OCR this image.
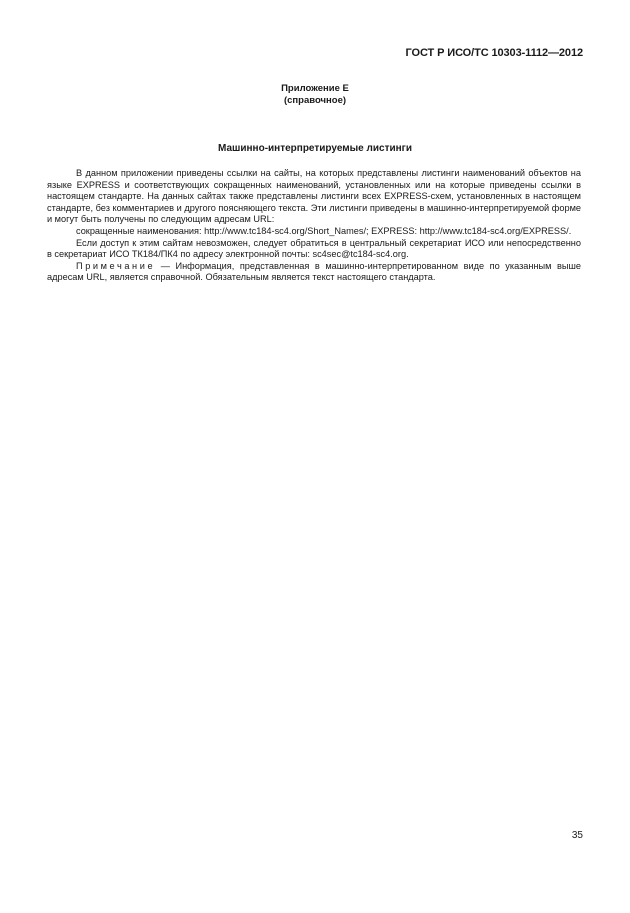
ГОСТ Р ИСО/ТС 10303-1112—2012
Приложение Е
(справочное)
Машинно-интерпретируемые листинги

В данном приложении приведены ссылки на сайты, на которых представлены листинги наименований объектов на языке EXPRESS и соответствующих сокращенных наименований, установленных или на которые приведены ссылки в настоящем стандарте. На данных сайтах также представлены листинги всех EXPRESS-схем, установленных в настоящем стандарте, без комментариев и другого поясняющего текста. Эти листинги приведены в машинно-интерпретируемой форме и могут быть получены по следующим адресам URL:

сокращенные наименования: http://www.tc184-sc4.org/Short_Names/; EXPRESS: http://www.tc184-sc4.org/EXPRESS/.

Если доступ к этим сайтам невозможен, следует обратиться в центральный секретариат ИСО или непосредственно в секретариат ИСО ТК184/ПК4 по адресу электронной почты: sc4sec@tc184-sc4.org.

Примечание — Информация, представленная в машинно-интерпретированном виде по указанным выше адресам URL, является справочной. Обязательным является текст настоящего стандарта.

35
